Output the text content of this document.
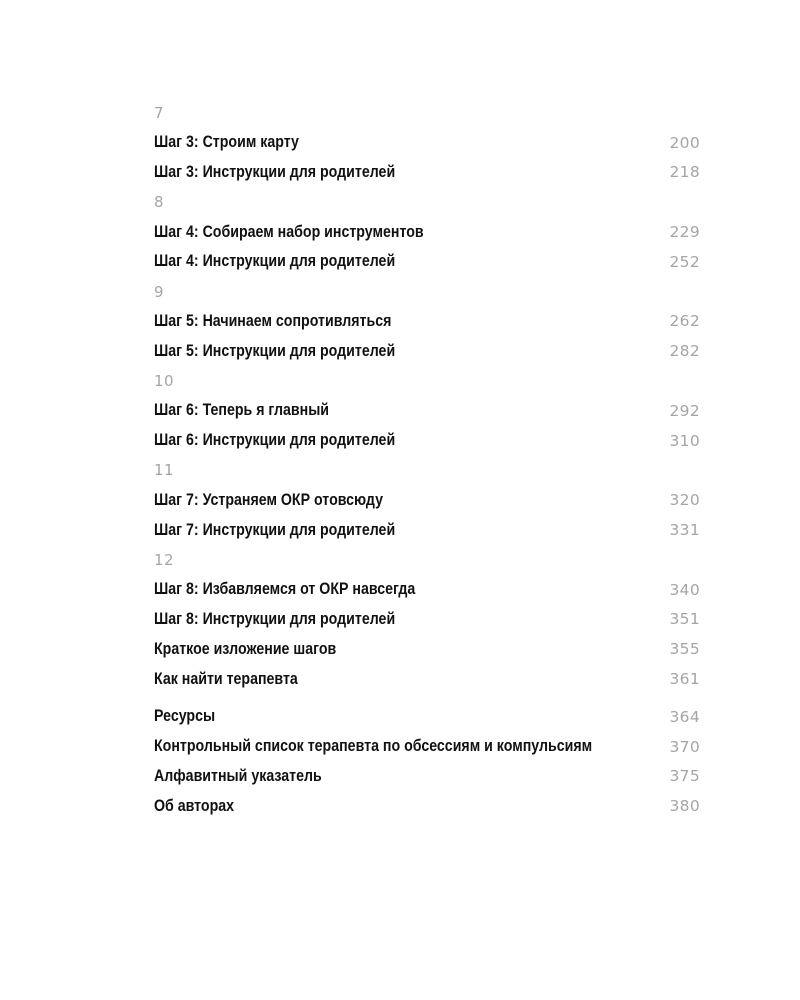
7
Шаг 3: Строим карту	200
Шаг 3: Инструкции для родителей	218
8
Шаг 4: Собираем набор инструментов	229
Шаг 4: Инструкции для родителей	252
9
Шаг 5: Начинаем сопротивляться	262
Шаг 5: Инструкции для родителей	282
10
Шаг 6: Теперь я главный	292
Шаг 6: Инструкции для родителей	310
11
Шаг 7: Устраняем ОКР отовсюду	320
Шаг 7: Инструкции для родителей	331
12
Шаг 8: Избавляемся от ОКР навсегда	340
Шаг 8: Инструкции для родителей	351
Краткое изложение шагов	355
Как найти терапевта	361
Ресурсы	364
Контрольный список терапевта по обсессиям и компульсиям	370
Алфавитный указатель	375
Об авторах	380
